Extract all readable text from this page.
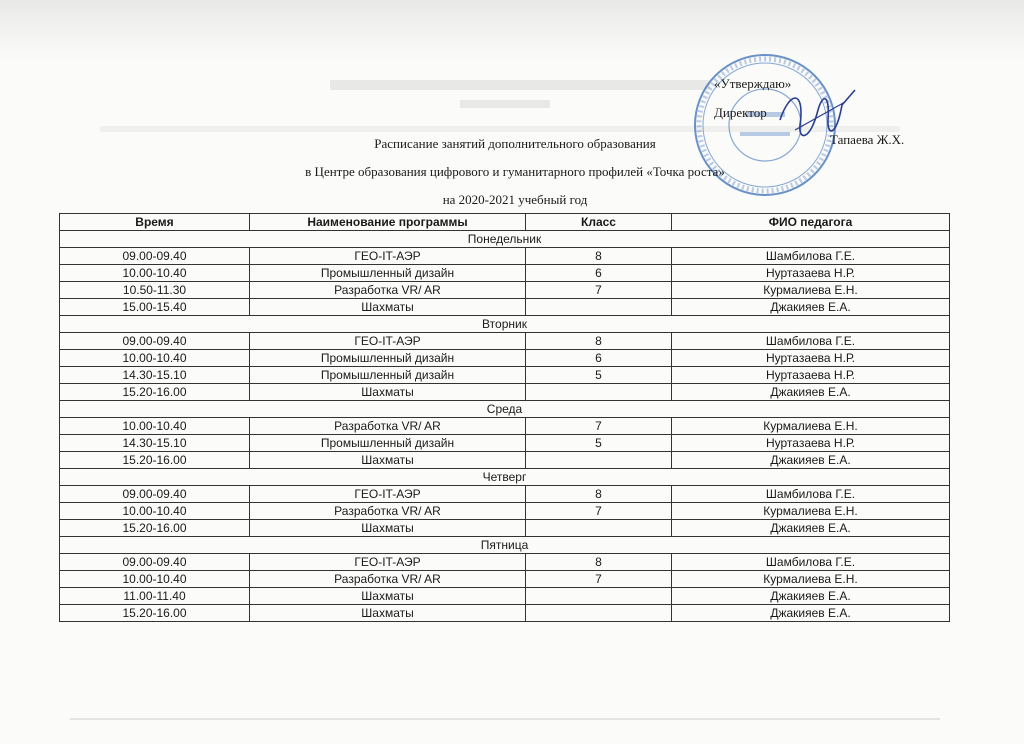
«Утверждаю»
Директор
Тапаева Ж.Х.
Расписание занятий дополнительного образования
в Центре образования цифрового и гуманитарного профилей «Точка роста»
на 2020-2021 учебный год
Время	Наименование программы	Класс	ФИО педагога
Понедельник			
09.00-09.40	ГЕО-IT-АЭР	8	Шамбилова Г.Е.
10.00-10.40	Промышленный дизайн	6	Нуртазаева Н.Р.
10.50-11.30	Разработка VR/ AR	7	Курмалиева Е.Н.
15.00-15.40	Шахматы		Джакияев Е.А.
Вторник			
09.00-09.40	ГЕО-IT-АЭР	8	Шамбилова Г.Е.
10.00-10.40	Промышленный дизайн	6	Нуртазаева Н.Р.
14.30-15.10	Промышленный дизайн	5	Нуртазаева Н.Р.
15.20-16.00	Шахматы		Джакияев Е.А.
Среда			
10.00-10.40	Разработка VR/ AR	7	Курмалиева Е.Н.
14.30-15.10	Промышленный дизайн	5	Нуртазаева Н.Р.
15.20-16.00	Шахматы		Джакияев Е.А.
Четверг			
09.00-09.40	ГЕО-IT-АЭР	8	Шамбилова Г.Е.
10.00-10.40	Разработка VR/ AR	7	Курмалиева Е.Н.
15.20-16.00	Шахматы		Джакияев Е.А.
Пятница			
09.00-09.40	ГЕО-IT-АЭР	8	Шамбилова Г.Е.
10.00-10.40	Разработка VR/ AR	7	Курмалиева Е.Н.
11.00-11.40	Шахматы		Джакияев Е.А.
15.20-16.00	Шахматы		Джакияев Е.А.
